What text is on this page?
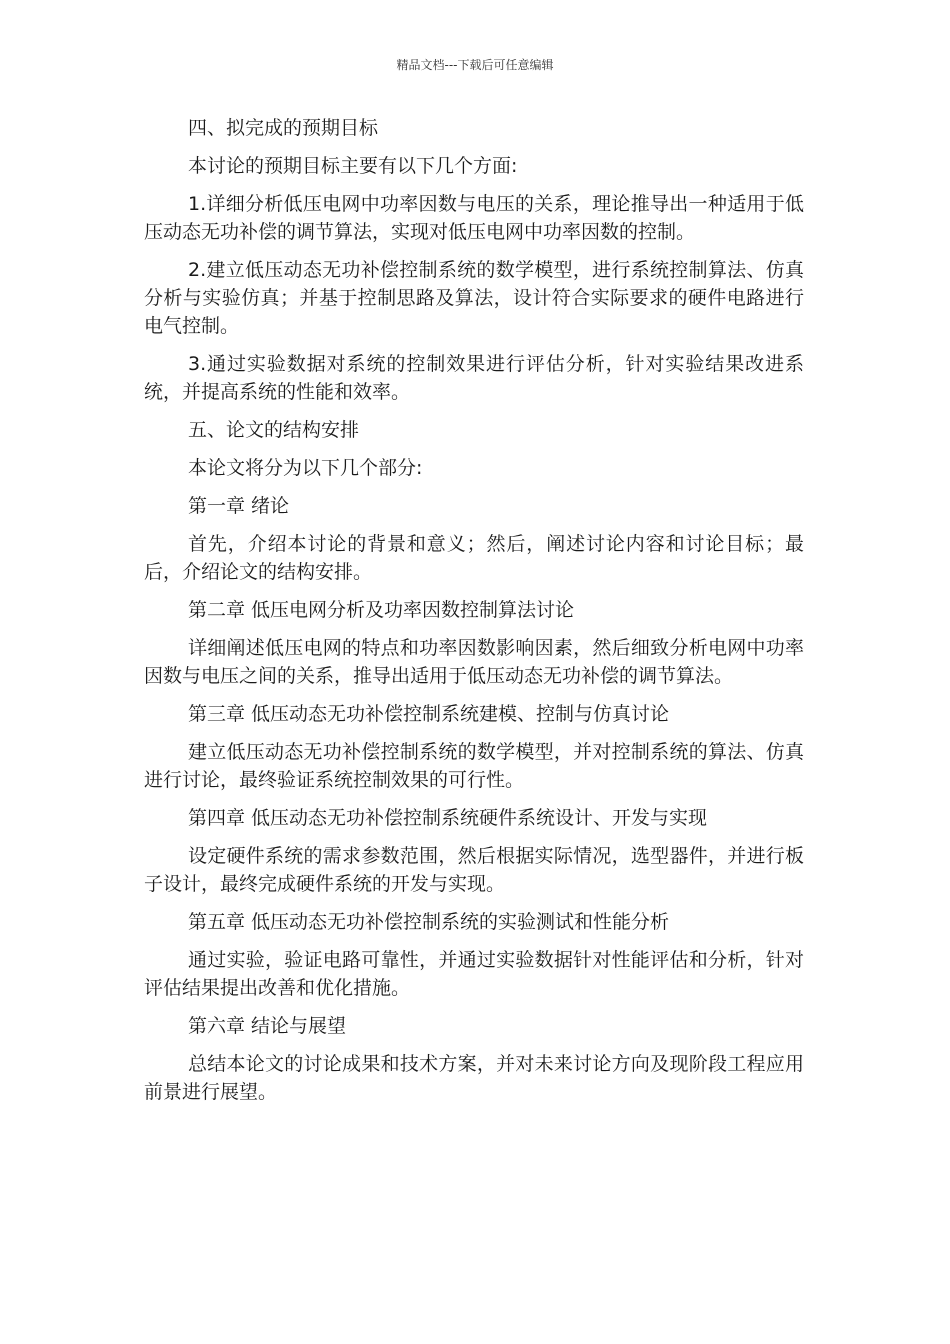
精品文档---下载后可任意编辑

四、拟完成的预期目标

本讨论的预期目标主要有以下几个方面:

1.详细分析低压电网中功率因数与电压的关系，理论推导出一种适用于低压动态无功补偿的调节算法，实现对低压电网中功率因数的控制。

2.建立低压动态无功补偿控制系统的数学模型，进行系统控制算法、仿真分析与实验仿真；并基于控制思路及算法，设计符合实际要求的硬件电路进行电气控制。

3.通过实验数据对系统的控制效果进行评估分析，针对实验结果改进系统，并提高系统的性能和效率。

五、论文的结构安排

本论文将分为以下几个部分:

第一章 绪论

首先，介绍本讨论的背景和意义；然后，阐述讨论内容和讨论目标；最后，介绍论文的结构安排。

第二章 低压电网分析及功率因数控制算法讨论

详细阐述低压电网的特点和功率因数影响因素，然后细致分析电网中功率因数与电压之间的关系，推导出适用于低压动态无功补偿的调节算法。

第三章 低压动态无功补偿控制系统建模、控制与仿真讨论

建立低压动态无功补偿控制系统的数学模型，并对控制系统的算法、仿真进行讨论，最终验证系统控制效果的可行性。

第四章 低压动态无功补偿控制系统硬件系统设计、开发与实现

设定硬件系统的需求参数范围，然后根据实际情况，选型器件，并进行板子设计，最终完成硬件系统的开发与实现。

第五章 低压动态无功补偿控制系统的实验测试和性能分析

通过实验，验证电路可靠性，并通过实验数据针对性能评估和分析，针对评估结果提出改善和优化措施。

第六章 结论与展望

总结本论文的讨论成果和技术方案，并对未来讨论方向及现阶段工程应用前景进行展望。
